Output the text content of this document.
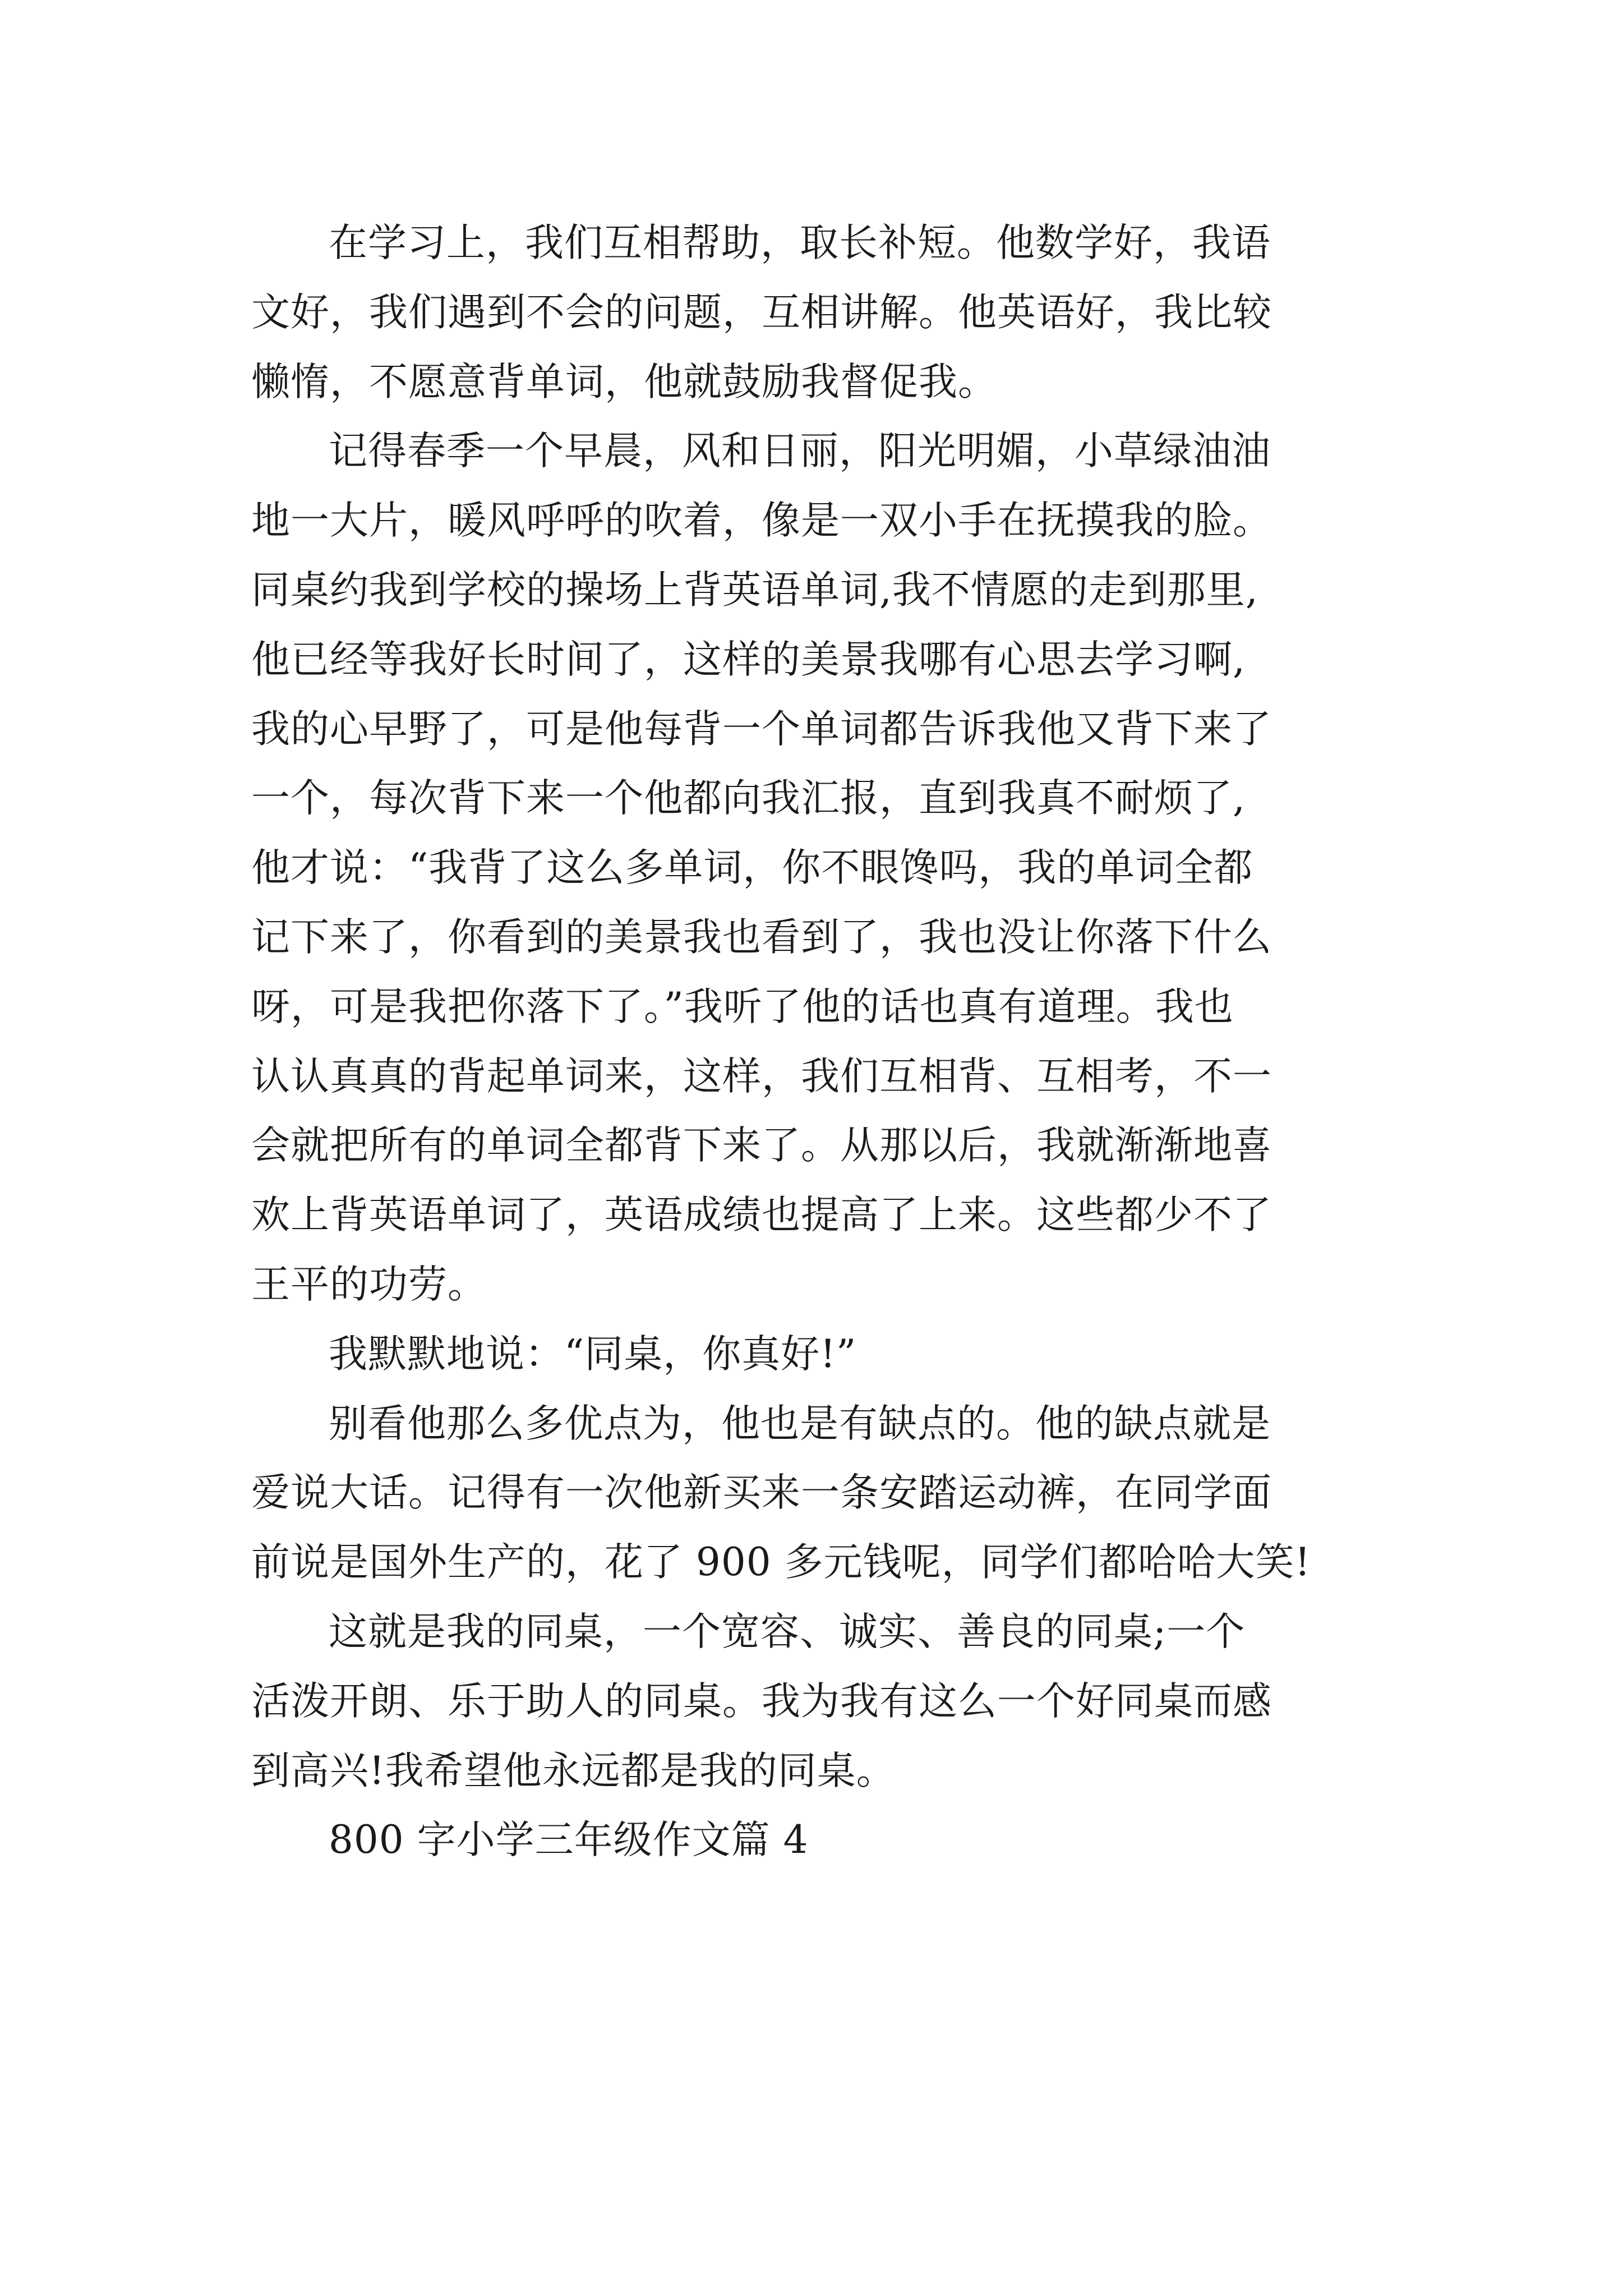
在学习上，我们互相帮助，取长补短。他数学好，我语
文好，我们遇到不会的问题，互相讲解。他英语好，我比较
懒惰，不愿意背单词，他就鼓励我督促我。

记得春季一个早晨，风和日丽，阳光明媚，小草绿油油
地一大片，暖风呼呼的吹着，像是一双小手在抚摸我的脸。
同桌约我到学校的操场上背英语单词,我不情愿的走到那里,
他已经等我好长时间了，这样的美景我哪有心思去学习啊,
我的心早野了，可是他每背一个单词都告诉我他又背下来了
一个，每次背下来一个他都向我汇报，直到我真不耐烦了,
他才说：“我背了这么多单词，你不眼馋吗，我的单词全都
记下来了，你看到的美景我也看到了，我也没让你落下什么
呀，可是我把你落下了。”我听了他的话也真有道理。我也
认认真真的背起单词来，这样，我们互相背、互相考，不一
会就把所有的单词全都背下来了。从那以后，我就渐渐地喜
欢上背英语单词了，英语成绩也提高了上来。这些都少不了
王平的功劳。

我默默地说：“同桌，你真好!”

别看他那么多优点为，他也是有缺点的。他的缺点就是
爱说大话。记得有一次他新买来一条安踏运动裤，在同学面
前说是国外生产的，花了 900 多元钱呢，同学们都哈哈大笑!

这就是我的同桌，一个宽容、诚实、善良的同桌;一个
活泼开朗、乐于助人的同桌。我为我有这么一个好同桌而感
到高兴!我希望他永远都是我的同桌。

800 字小学三年级作文篇 4
